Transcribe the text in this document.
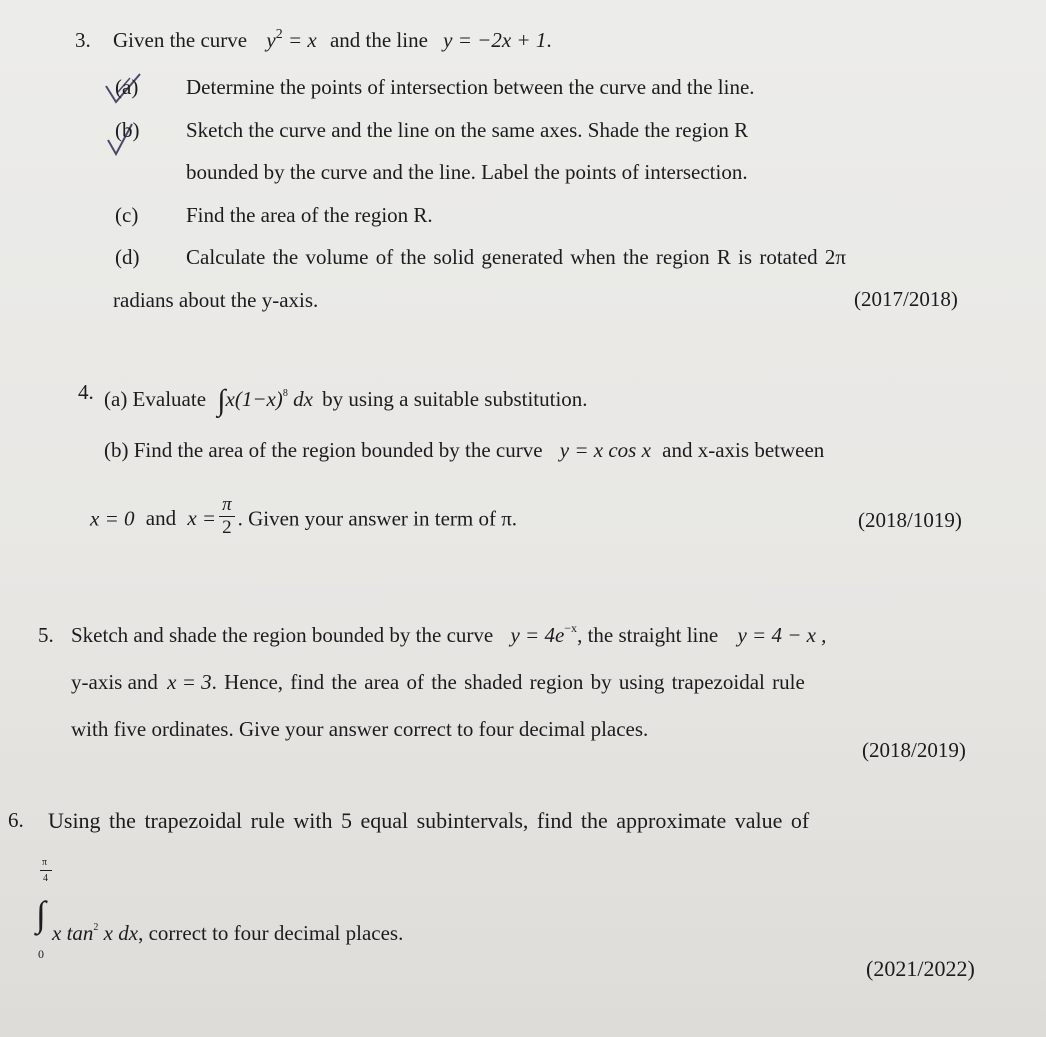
3. Given the curve $y^2 = x$ and the line y = −2x + 1.
(a) Determine the points of intersection between the curve and the line.
(b) Sketch the curve and the line on the same axes. Shade the region R
bounded by the curve and the line. Label the points of intersection.
(c) Find the area of the region R.
(d) Calculate the volume of the solid generated when the region R is rotated 2π
radians about the y-axis.	(2017/2018)
4. (a) Evaluate $\int x(1-x)^8$ dx by using a suitable substitution.
(b) Find the area of the region bounded by the curve y = x cos x and x-axis between
x = 0 and $x = \frac{\pi}{2}$ . Given your answer in term of π.	(2018/1019)
5. Sketch and shade the region bounded by the curve $y = 4e^{-x}$, the straight line y = 4 − x ,
y-axis and x = 3. Hence, find the area of the shaded region by using trapezoidal rule
with five ordinates. Give your answer correct to four decimal places.
(2018/2019)
6. Using the trapezoidal rule with 5 equal subintervals, find the approximate value of
π
4
∫
0
x $\tan^2 x$ dx, correct to four decimal places.
(2021/2022)
